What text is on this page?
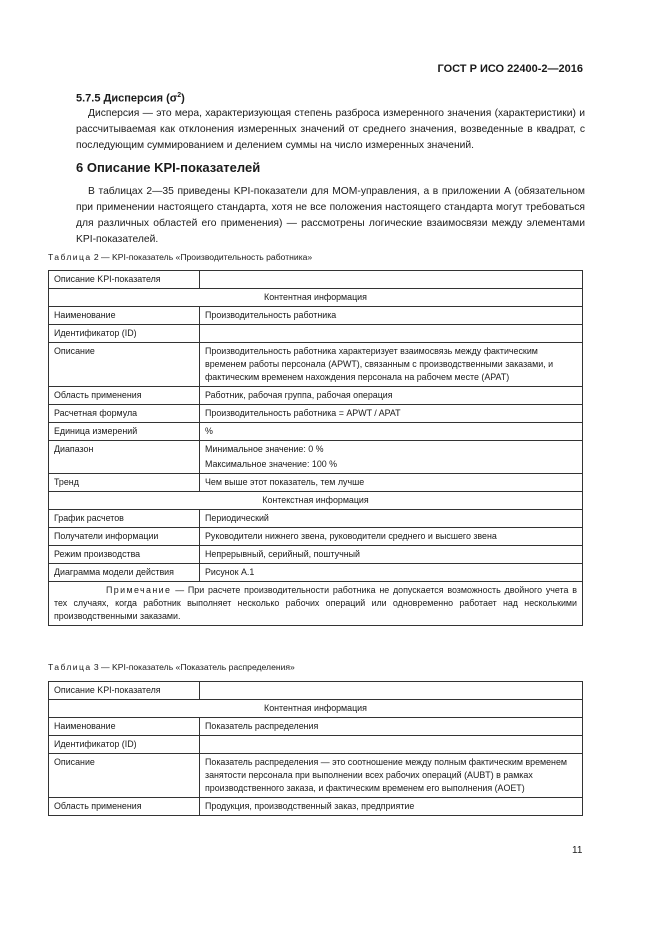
ГОСТ Р ИСО 22400-2—2016
5.7.5 Дисперсия $(\sigma^2)$
Дисперсия — это мера, характеризующая степень разброса измеренного значения (характеристики) и рассчитываемая как отклонения измеренных значений от среднего значения, возведенные в квадрат, с последующим суммированием и делением суммы на число измеренных значений.
6 Описание KPI-показателей
В таблицах 2—35 приведены KPI-показатели для МОМ-управления, а в приложении А (обязательном при применении настоящего стандарта, хотя не все положения настоящего стандарта могут требоваться для различных областей его применения) — рассмотрены логические взаимосвязи между элементами KPI-показателей.
Таблица 2 — KPI-показатель «Производительность работника»
Описание KPI-показателя	
Контентная информация	
Наименование	Производительность работника
Идентификатор (ID)	
Описание	Производительность работника характеризует взаимосвязь между фактическим временем работы персонала (APWT), связанным с производственными заказами, и фактическим временем нахождения персонала на рабочем месте (APAT)
Область применения	Работник, рабочая группа, рабочая операция
Расчетная формула	Производительность работника = APWT / APAT
Единица измерений	%
Диапазон	Минимальное значение: 0 %
Максимальное значение: 100 %

Тренд	Чем выше этот показатель, тем лучше
Контекстная информация	
График расчетов	Периодический
Получатели информации	Руководители нижнего звена, руководители среднего и высшего звена
Режим производства	Непрерывный, серийный, поштучный
Диаграмма модели действия	Рисунок А.1
Примечание — При расчете производительности работника не допускается возможность двойного учета в тех случаях, когда работник выполняет несколько рабочих операций или одновременно работает над несколькими производственными заказами.	
Таблица 3 — KPI-показатель «Показатель распределения»
Описание KPI-показателя	
Контентная информация	
Наименование	Показатель распределения
Идентификатор (ID)	
Описание	Показатель распределения — это соотношение между полным фактическим временем занятости персонала при выполнении всех рабочих операций (AUBT) в рамках производственного заказа, и фактическим временем его выполнения (AOET)
Область применения	Продукция, производственный заказ, предприятие
11
